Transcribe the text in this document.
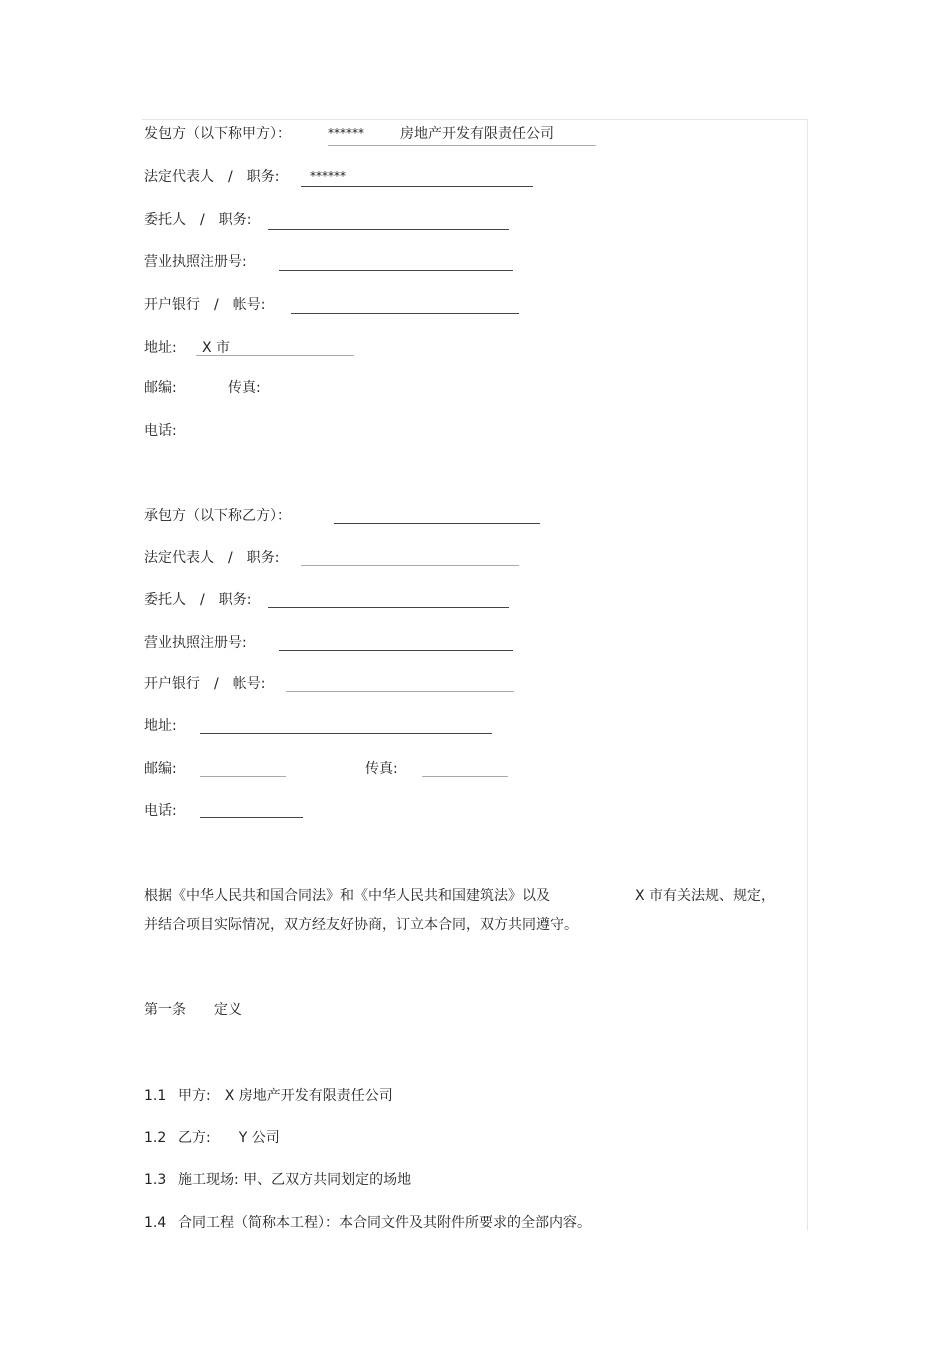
发包方（以下称甲方）：	******	房地产开发有限责任公司
法定代表人　/　职务:	******
委托人　/　职务:
营业执照注册号:
开户银行　/　帐号:
地址: X 市
邮编:	传真:
电话:
承包方（以下称乙方）：
法定代表人　/　职务:
委托人　/　职务:
营业执照注册号:
开户银行　/　帐号:
地址:
邮编:	传真:
电话:
根据《中华人民共和国合同法》和《中华人民共和国建筑法》以及	X 市有关法规、规定，
并结合项目实际情况，双方经友好协商，订立本合同，双方共同遵守。
第一条　　定义
1.1 甲方:　X 房地产开发有限责任公司
1.2 乙方:　　Y 公司
1.3 施工现场: 甲、乙双方共同划定的场地
1.4 合同工程（简称本工程）：本合同文件及其附件所要求的全部内容。
